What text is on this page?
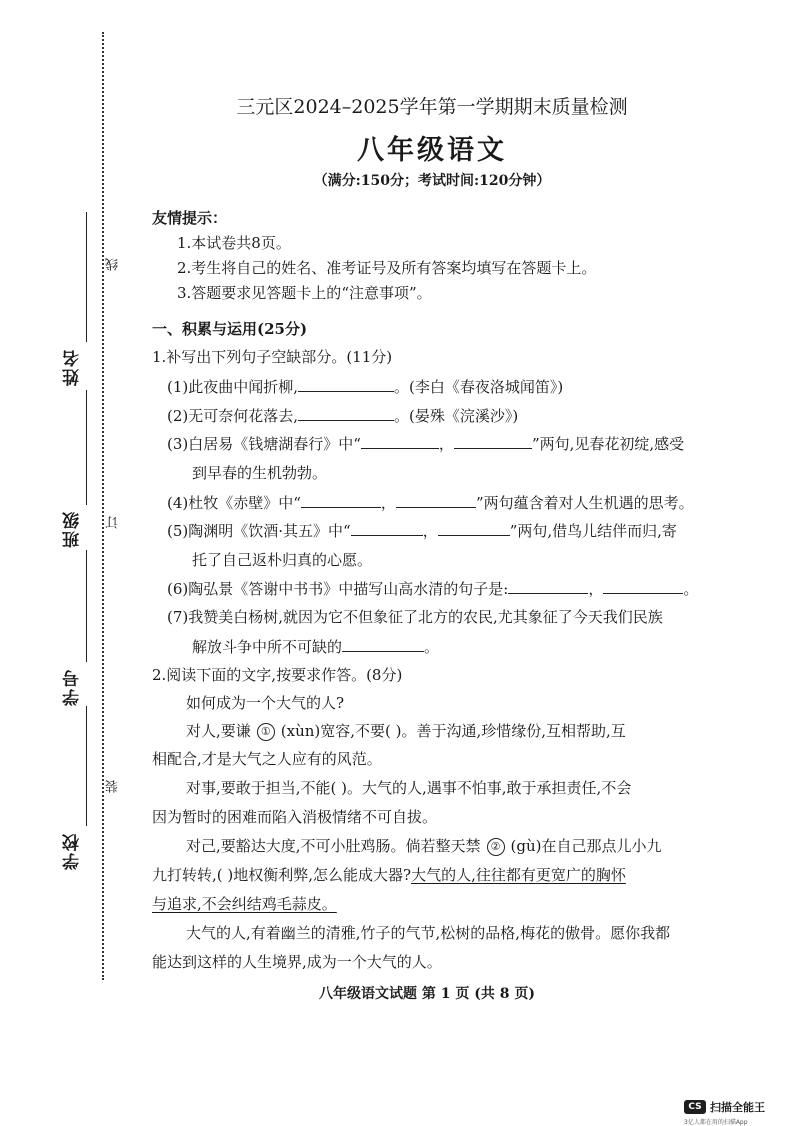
姓名
班级
学号
学校
线
订
装
三元区2024–2025学年第一学期期末质量检测
八年级语文
（满分:150分；考试时间:120分钟）
友情提示：
1.本试卷共8页。
2.考生将自己的姓名、准考证号及所有答案均填写在答题卡上。
3.答题要求见答题卡上的“注意事项”。
一、积累与运用(25分)
1.补写出下列句子空缺部分。(11分)
(1)此夜曲中闻折柳,	。(李白《春夜洛城闻笛》)
(2)无可奈何花落去,	。(晏殊《浣溪沙》)
(3)白居易《钱塘湖春行》中“	，	”两句,见春花初绽,感受
到早春的生机勃勃。
(4)杜牧《赤壁》中“	，	”两句蕴含着对人生机遇的思考。
(5)陶渊明《饮酒·其五》中“	，	”两句,借鸟儿结伴而归,寄
托了自己返朴归真的心愿。
(6)陶弘景《答谢中书书》中描写山高水清的句子是:	，	。
(7)我赞美白杨树,就因为它不但象征了北方的农民,尤其象征了今天我们民族
解放斗争中所不可缺的	。
2.阅读下面的文字,按要求作答。(8分)
如何成为一个大气的人?
对人,要谦 ① (xùn)宽容,不要( )。善于沟通,珍惜缘份,互相帮助,互
相配合,才是大气之人应有的风范。
对事,要敢于担当,不能( )。大气的人,遇事不怕事,敢于承担责任,不会
因为暂时的困难而陷入消极情绪不可自拔。
对己,要豁达大度,不可小肚鸡肠。倘若整天禁 ② (gù)在自己那点儿小九
九打转转,( )地权衡利弊,怎么能成大器?大气的人,往往都有更宽广的胸怀
与追求,不会纠结鸡毛蒜皮。
大气的人,有着幽兰的清雅,竹子的气节,松树的品格,梅花的傲骨。愿你我都
能达到这样的人生境界,成为一个大气的人。
八年级语文试题 第 1 页 (共 8 页)
CS 扫描全能王
3亿人都在用的扫描App
